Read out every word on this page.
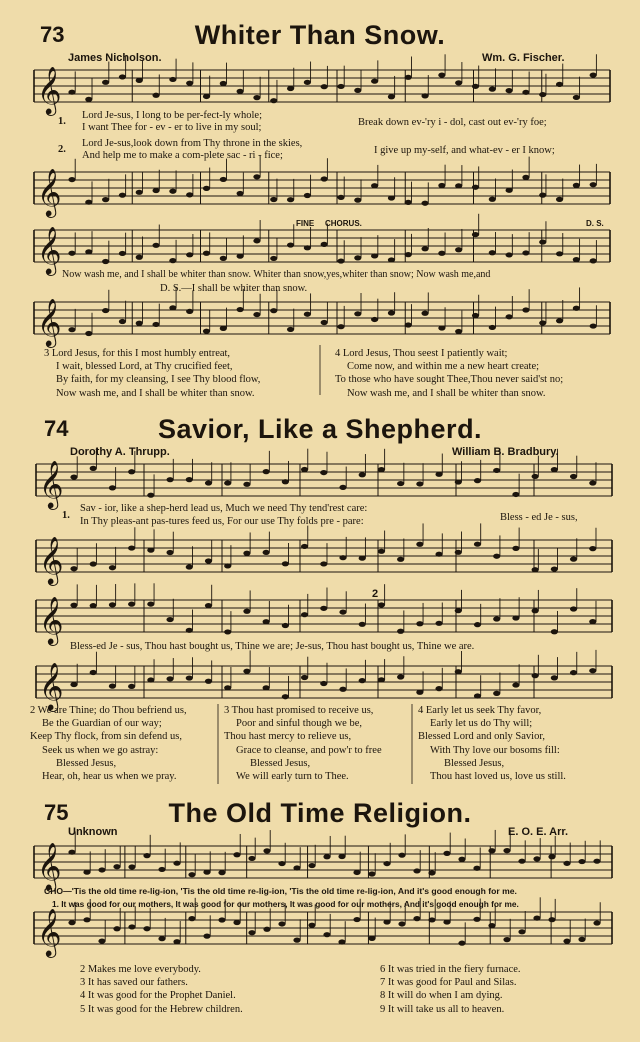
𝄞
𝄞
𝄞
𝄞
𝄞
𝄞
𝄞
𝄞
𝄞
𝄞
73	Whiter Than Snow.
James Nicholson.	Wm. G. Fischer.
1.
Lord Je-sus, I long to be per-fect-ly whole;
I want Thee for - ev - er to live in my soul;	Break down ev-'ry i - dol, cast out ev-'ry foe;
2.
Lord Je-sus,look down from Thy throne in the skies,
And help me to make a com-plete sac - ri - fice;	I give up my-self, and what-ev - er I know;
FINE CHORUS.	D. S.
Now wash me, and I shall be whiter than snow. Whiter than snow,yes,whiter than snow; Now wash me,and
D. S.—I shall be whiter than snow.
3 Lord Jesus, for this I most humbly entreat,
I wait, blessed Lord, at Thy crucified feet,
By faith, for my cleansing, I see Thy blood flow,
Now wash me, and I shall be whiter than snow.
4 Lord Jesus, Thou seest I patiently wait;
Come now, and within me a new heart create;
To those who have sought Thee,Thou never said'st no;
Now wash me, and I shall be whiter than snow.
74	Savior, Like a Shepherd.
Dorothy A. Thrupp.	William B. Bradbury.
1.
Sav - ior, like a shep-herd lead us, Much we need Thy tend'rest care:
In Thy pleas-ant pas-tures feed us, For our use Thy folds pre - pare:	Bless - ed Je - sus,
2
Bless-ed Je - sus, Thou hast bought us, Thine we are; Je-sus, Thou hast bought us, Thine we are.
2 We are Thine; do Thou befriend us,
Be the Guardian of our way;
Keep Thy flock, from sin defend us,
Seek us when we go astray:
Blessed Jesus,
Hear, oh, hear us when we pray.
3 Thou hast promised to receive us,
Poor and sinful though we be,
Thou hast mercy to relieve us,
Grace to cleanse, and pow'r to free
Blessed Jesus,
We will early turn to Thee.
4 Early let us seek Thy favor,
Early let us do Thy will;
Blessed Lord and only Savior,
With Thy love our bosoms fill:
Blessed Jesus,
Thou hast loved us, love us still.
75	The Old Time Religion.
Unknown	E. O. E. Arr.
CHO—'Tis the old time re-lig-ion, 'Tis the old time re-lig-ion, 'Tis the old time re-lig-ion, And it's good enough for me.
1. It was good for our mothers, It was good for our mothers, It was good for our mothers, And it's good enough for me.
2 Makes me love everybody.
3 It has saved our fathers.
4 It was good for the Prophet Daniel.
5 It was good for the Hebrew children.
6 It was tried in the fiery furnace.
7 It was good for Paul and Silas.
8 It will do when I am dying.
9 It will take us all to heaven.
